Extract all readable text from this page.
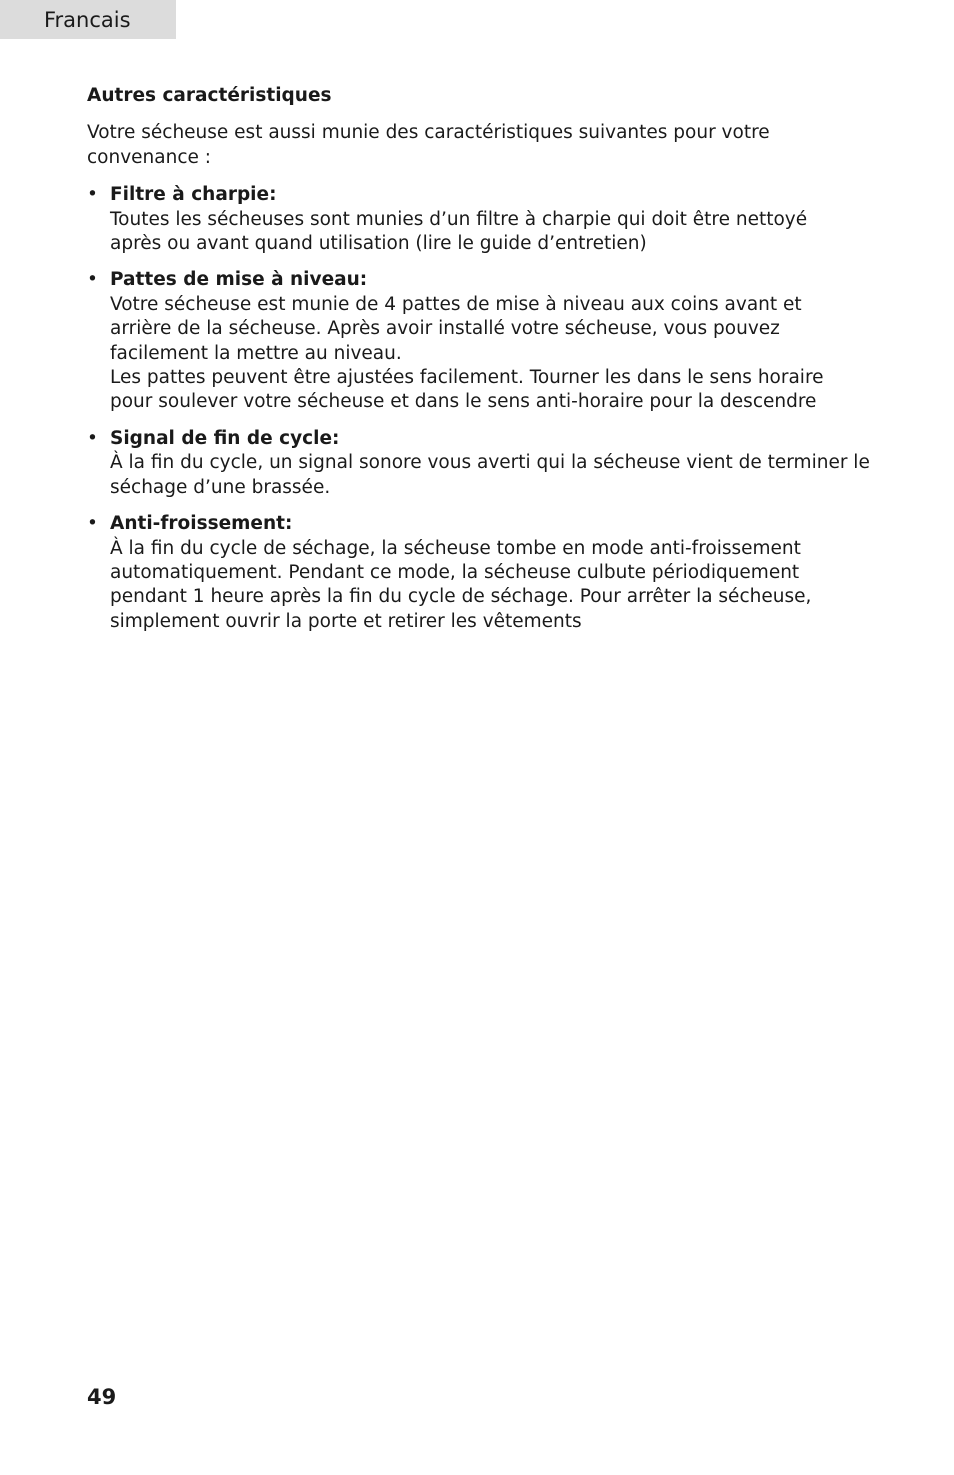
Francais
Autres caractéristiques
Votre sécheuse est aussi munie des caractéristiques suivantes pour votre convenance :
• Filtre à charpie:
Toutes les sécheuses sont munies d’un filtre à charpie qui doit être nettoyé après ou avant quand utilisation (lire le guide d’entretien)
• Pattes de mise à niveau:
Votre sécheuse est munie de 4 pattes de mise à niveau aux coins avant et arrière de la sécheuse. Après avoir installé votre sécheuse, vous pouvez facilement la mettre au niveau.
Les pattes peuvent être ajustées facilement. Tourner les dans le sens horaire pour soulever votre sécheuse et dans le sens anti-horaire pour la descendre
• Signal de fin de cycle:
À la fin du cycle, un signal sonore vous averti qui la sécheuse vient de terminer le séchage d’une brassée.
• Anti-froissement:
À la fin du cycle de séchage, la sécheuse tombe en mode anti-froissement automatiquement. Pendant ce mode, la sécheuse culbute périodiquement pendant 1 heure après la fin du cycle de séchage. Pour arrêter la sécheuse, simplement ouvrir la porte et retirer les vêtements
49
